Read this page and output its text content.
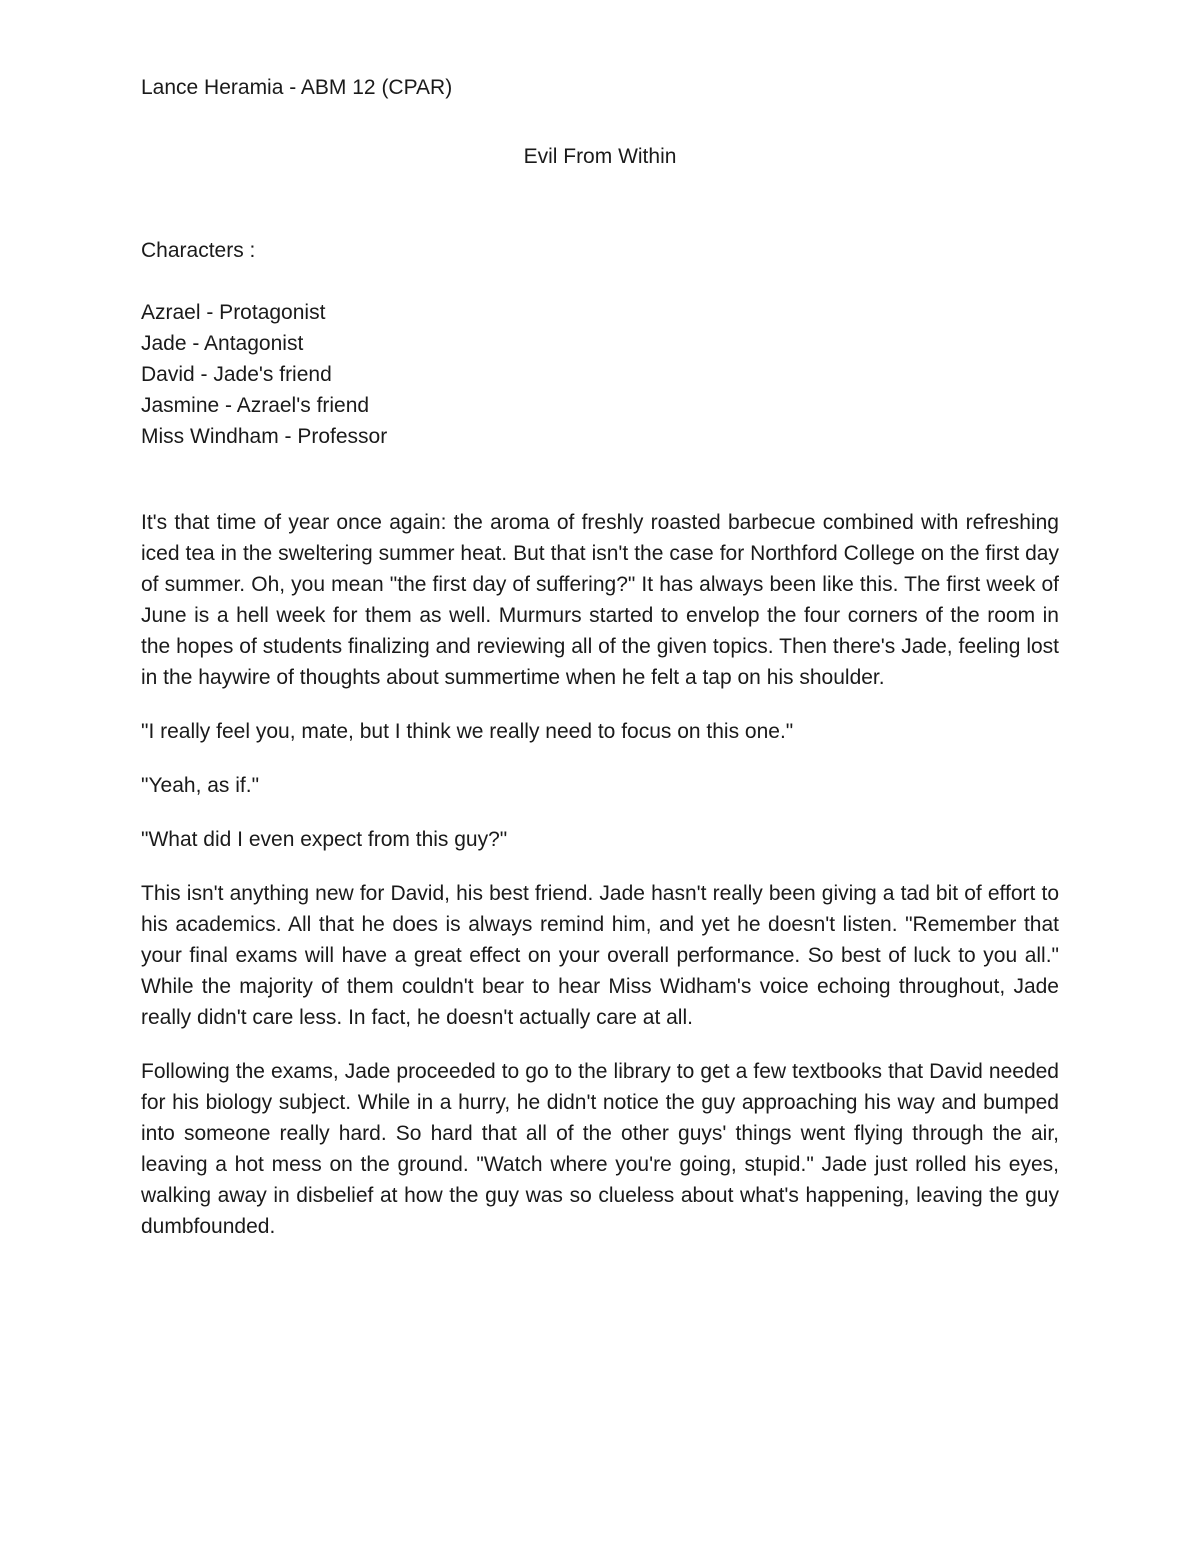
Lance Heramia - ABM 12 (CPAR)

Evil From Within

Characters :

Azrael - Protagonist
Jade - Antagonist
David - Jade's friend
Jasmine - Azrael's friend
Miss Windham - Professor

It's that time of year once again: the aroma of freshly roasted barbecue combined with refreshing iced tea in the sweltering summer heat. But that isn't the case for Northford College on the first day of summer. Oh, you mean "the first day of suffering?" It has always been like this. The first week of June is a hell week for them as well. Murmurs started to envelop the four corners of the room in the hopes of students finalizing and reviewing all of the given topics. Then there's Jade, feeling lost in the haywire of thoughts about summertime when he felt a tap on his shoulder.

"I really feel you, mate, but I think we really need to focus on this one."

"Yeah, as if."

"What did I even expect from this guy?"

This isn't anything new for David, his best friend. Jade hasn't really been giving a tad bit of effort to his academics. All that he does is always remind him, and yet he doesn't listen. "Remember that your final exams will have a great effect on your overall performance. So best of luck to you all." While the majority of them couldn't bear to hear Miss Widham's voice echoing throughout, Jade really didn't care less. In fact, he doesn't actually care at all.

Following the exams, Jade proceeded to go to the library to get a few textbooks that David needed for his biology subject. While in a hurry, he didn't notice the guy approaching his way and bumped into someone really hard. So hard that all of the other guys' things went flying through the air, leaving a hot mess on the ground. "Watch where you're going, stupid." Jade just rolled his eyes, walking away in disbelief at how the guy was so clueless about what's happening, leaving the guy dumbfounded.
